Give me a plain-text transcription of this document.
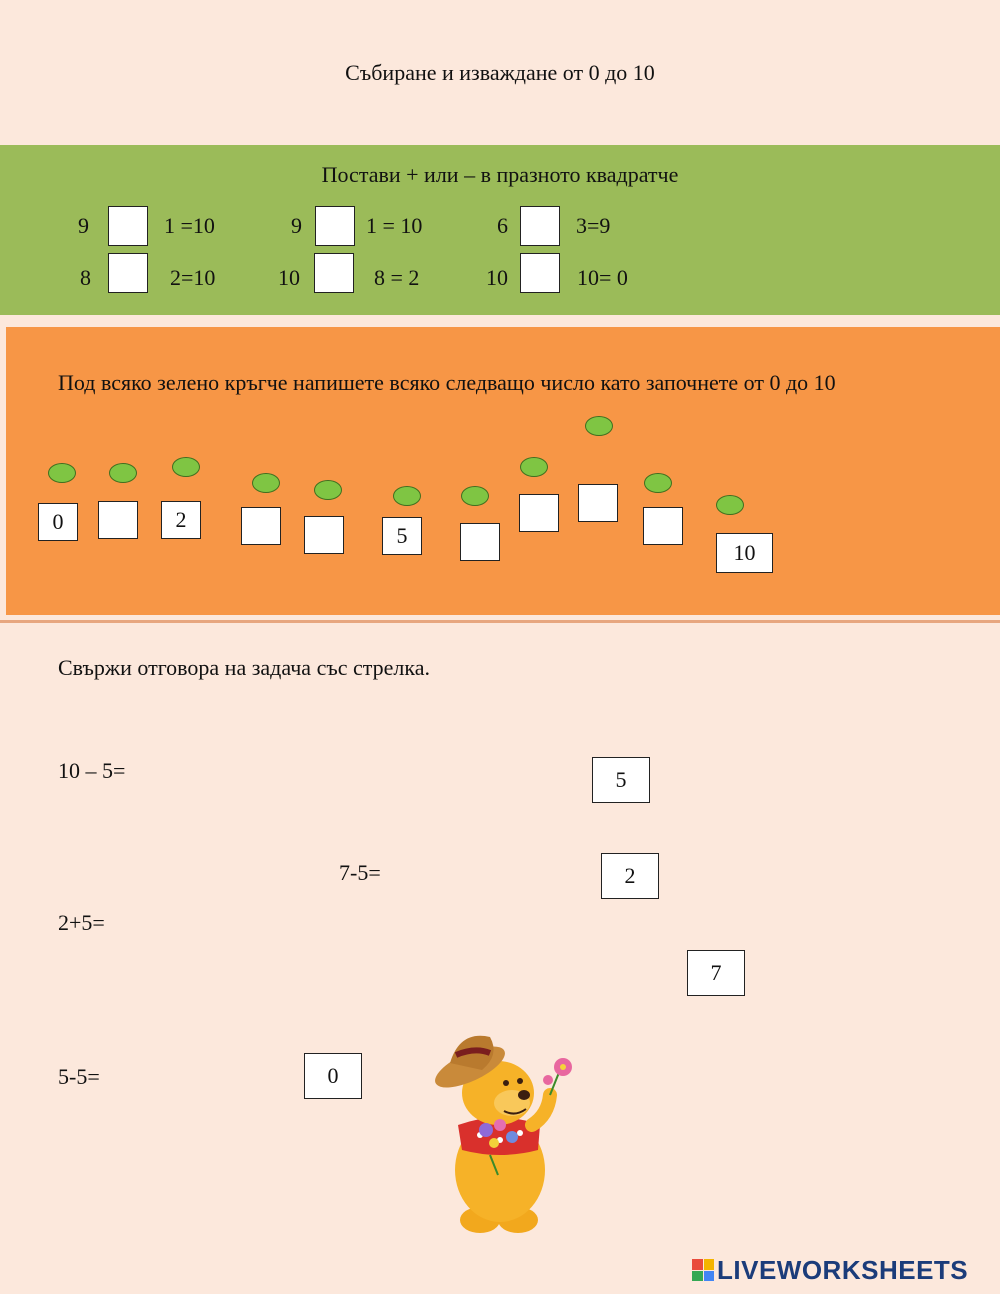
Събиране и изваждане от 0 до 10
Постави + или – в празното квадратче
9	1 =10	9	1 = 10	6	3=9
8	2=10	10	8 = 2	10	10= 0
Под всяко зелено кръгче напишете всяко следващо число като започнете от 0 до 10
0	2
5
10
Свържи отговора на задача със стрелка.
10 – 5=
7-5=
2+5=
5-5=
5
2
7
0
LIVEWORKSHEETS
